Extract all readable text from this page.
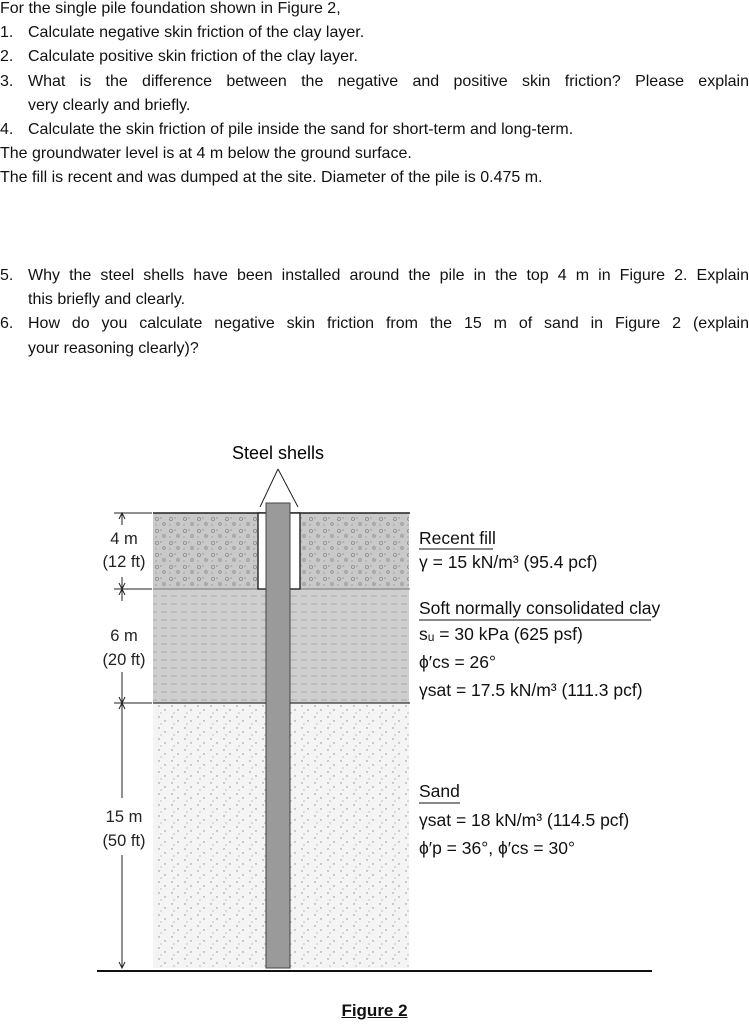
For the single pile foundation shown in Figure 2,
1. Calculate negative skin friction of the clay layer.
2. Calculate positive skin friction of the clay layer.
3. What is the difference between the negative and positive skin friction? Please explain
very clearly and briefly.
4. Calculate the skin friction of pile inside the sand for short-term and long-term.
The groundwater level is at 4 m below the ground surface.
The fill is recent and was dumped at the site. Diameter of the pile is 0.475 m.
5. Why the steel shells have been installed around the pile in the top 4 m in Figure 2. Explain
this briefly and clearly.
6. How do you calculate negative skin friction from the 15 m of sand in Figure 2 (explain
your reasoning clearly)?
Steel shells
4 m
(12 ft)
6 m
(20 ft)
15 m
(50 ft)
Recent fill
γ = 15 kN/m³ (95.4 pcf)
Soft normally consolidated clay
sᵤ = 30 kPa (625 psf)
ϕ′cs = 26°
γsat = 17.5 kN/m³ (111.3 pcf)
Sand
γsat = 18 kN/m³ (114.5 pcf)
ϕ′p = 36°, ϕ′cs = 30°
Figure 2
